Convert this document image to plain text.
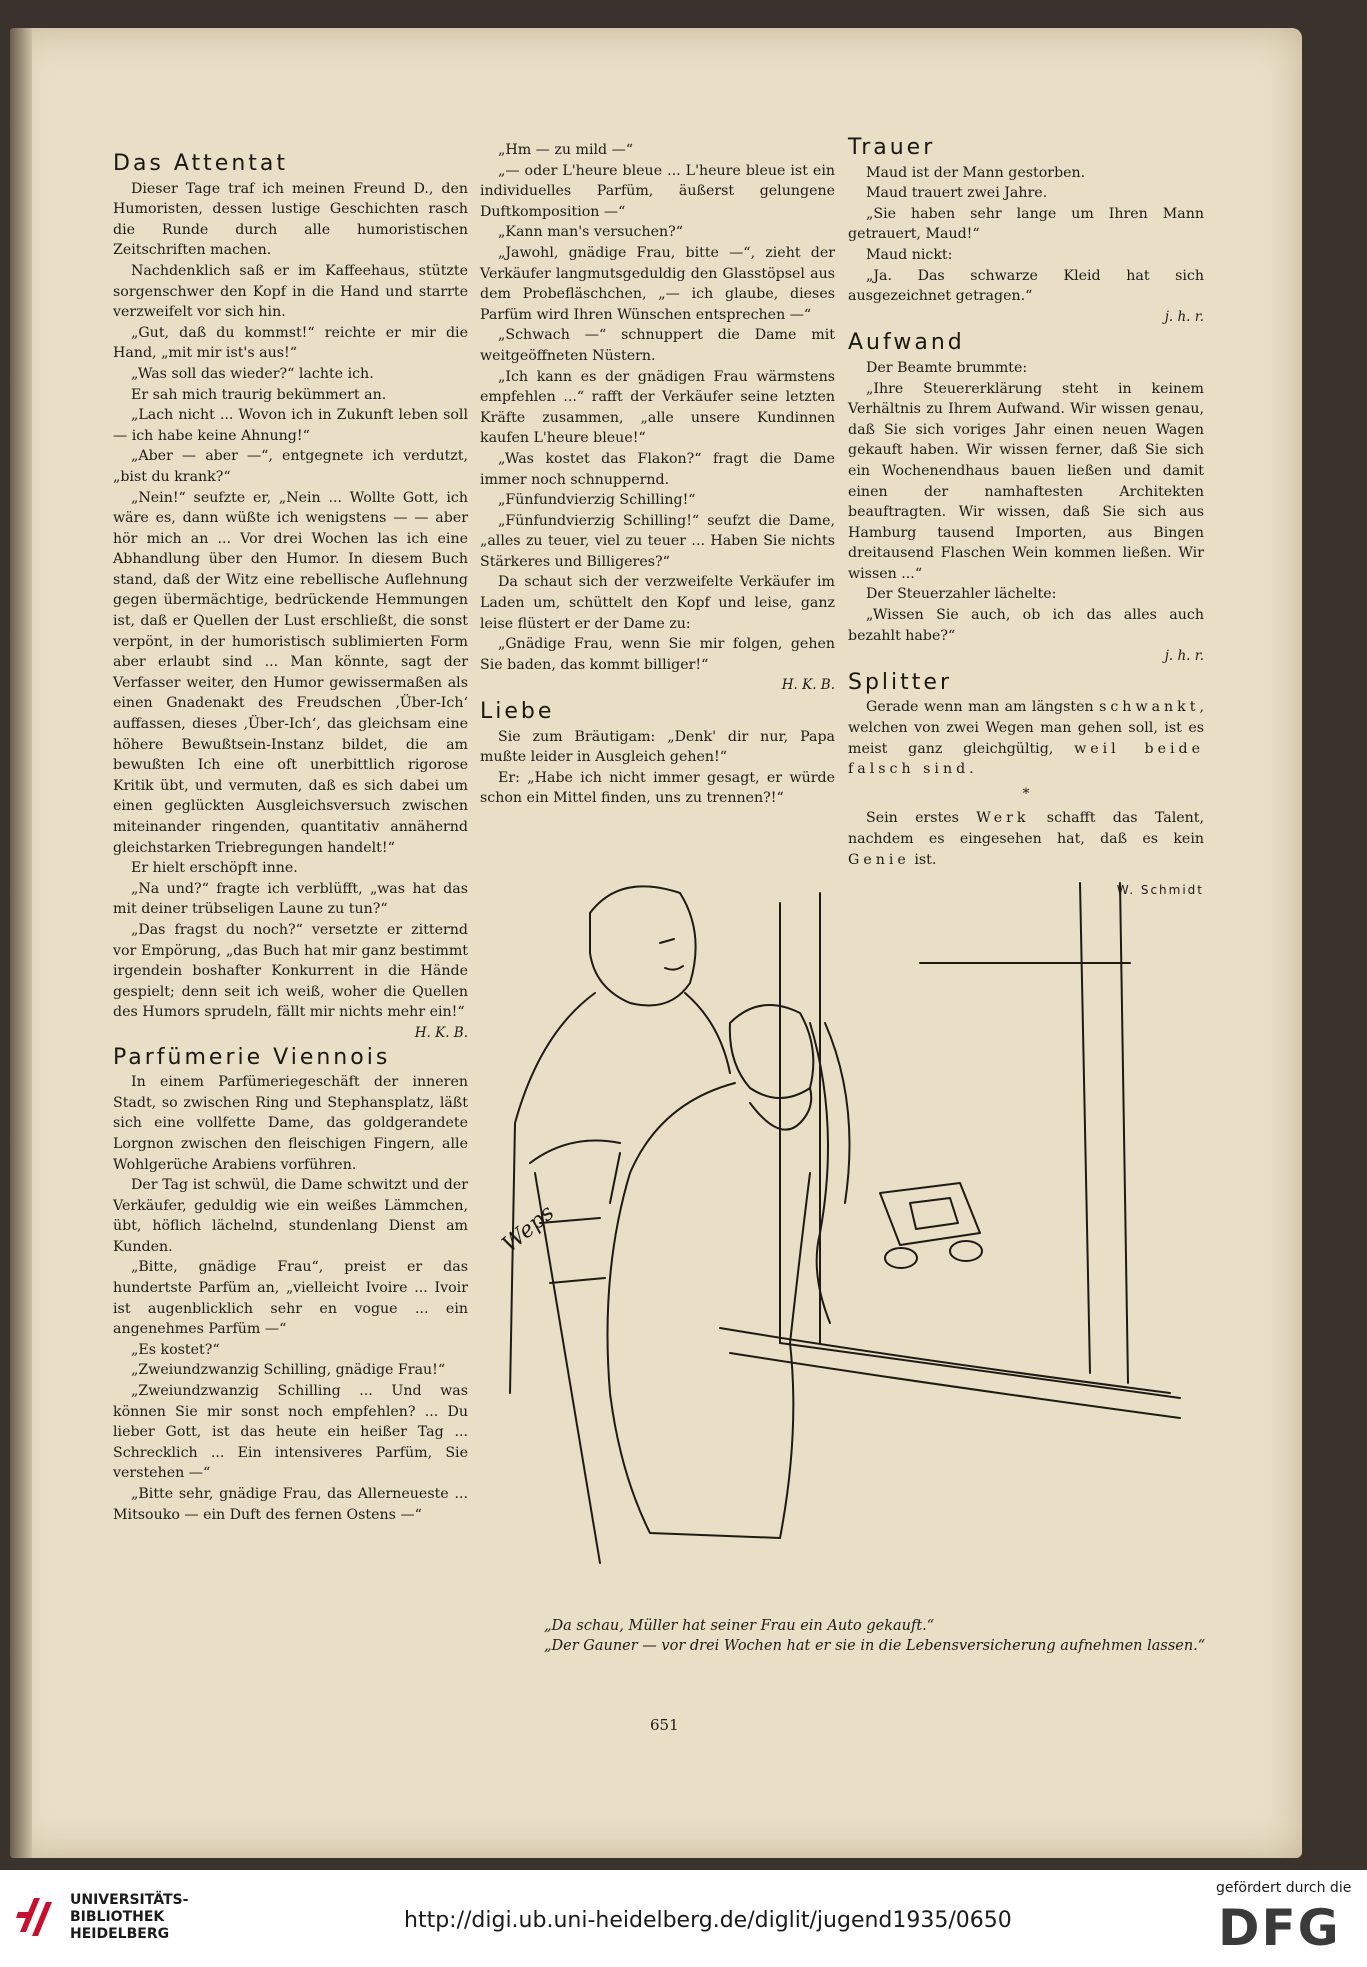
Das Attentat

Dieser Tage traf ich meinen Freund D., den Humoristen, dessen lustige Geschichten rasch die Runde durch alle humoristischen Zeitschriften machen.

Nachdenklich saß er im Kaffeehaus, stützte sorgenschwer den Kopf in die Hand und starrte verzweifelt vor sich hin.

„Gut, daß du kommst!“ reichte er mir die Hand, „mit mir ist's aus!“

„Was soll das wieder?“ lachte ich.

Er sah mich traurig bekümmert an.

„Lach nicht ... Wovon ich in Zukunft leben soll — ich habe keine Ahnung!“

„Aber — aber —“, entgegnete ich verdutzt, „bist du krank?“

„Nein!“ seufzte er, „Nein ... Wollte Gott, ich wäre es, dann wüßte ich wenigstens — — aber hör mich an ... Vor drei Wochen las ich eine Abhandlung über den Humor. In diesem Buch stand, daß der Witz eine rebellische Auflehnung gegen übermächtige, bedrückende Hemmungen ist, daß er Quellen der Lust erschließt, die sonst verpönt, in der humoristisch sublimierten Form aber erlaubt sind ... Man könnte, sagt der Verfasser weiter, den Humor gewissermaßen als einen Gnadenakt des Freudschen ‚Über-Ich‘ auffassen, dieses ‚Über-Ich‘, das gleichsam eine höhere Bewußtsein-Instanz bildet, die am bewußten Ich eine oft unerbittlich rigorose Kritik übt, und vermuten, daß es sich dabei um einen geglückten Ausgleichsversuch zwischen miteinander ringenden, quantitativ annähernd gleichstarken Triebregungen handelt!“

Er hielt erschöpft inne.

„Na und?“ fragte ich verblüfft, „was hat das mit deiner trübseligen Laune zu tun?“

„Das fragst du noch?“ versetzte er zitternd vor Empörung, „das Buch hat mir ganz bestimmt irgendein boshafter Konkurrent in die Hände gespielt; denn seit ich weiß, woher die Quellen des Humors sprudeln, fällt mir nichts mehr ein!“

H. K. B.
Parfümerie Viennois

In einem Parfümeriegeschäft der inneren Stadt, so zwischen Ring und Stephansplatz, läßt sich eine vollfette Dame, das goldgerandete Lorgnon zwischen den fleischigen Fingern, alle Wohlgerüche Arabiens vorführen.

Der Tag ist schwül, die Dame schwitzt und der Verkäufer, geduldig wie ein weißes Lämmchen, übt, höflich lächelnd, stundenlang Dienst am Kunden.

„Bitte, gnädige Frau“, preist er das hundertste Parfüm an, „vielleicht Ivoire ... Ivoir ist augenblicklich sehr en vogue ... ein angenehmes Parfüm —“

„Es kostet?“

„Zweiundzwanzig Schilling, gnädige Frau!“

„Zweiundzwanzig Schilling ... Und was können Sie mir sonst noch empfehlen? ... Du lieber Gott, ist das heute ein heißer Tag ... Schrecklich ... Ein intensiveres Parfüm, Sie verstehen —“

„Bitte sehr, gnädige Frau, das Allerneueste ... Mitsouko — ein Duft des fernen Ostens —“

„Hm — zu mild —“

„— oder L'heure bleue ... L'heure bleue ist ein individuelles Parfüm, äußerst gelungene Duftkomposition —“

„Kann man's versuchen?“

„Jawohl, gnädige Frau, bitte —“, zieht der Verkäufer langmutsgeduldig den Glasstöpsel aus dem Probefläschchen, „— ich glaube, dieses Parfüm wird Ihren Wünschen entsprechen —“

„Schwach —“ schnuppert die Dame mit weitgeöffneten Nüstern.

„Ich kann es der gnädigen Frau wärmstens empfehlen ...“ rafft der Verkäufer seine letzten Kräfte zusammen, „alle unsere Kundinnen kaufen L'heure bleue!“

„Was kostet das Flakon?“ fragt die Dame immer noch schnuppernd.

„Fünfundvierzig Schilling!“

„Fünfundvierzig Schilling!“ seufzt die Dame, „alles zu teuer, viel zu teuer ... Haben Sie nichts Stärkeres und Billigeres?“

Da schaut sich der verzweifelte Verkäufer im Laden um, schüttelt den Kopf und leise, ganz leise flüstert er der Dame zu:

„Gnädige Frau, wenn Sie mir folgen, gehen Sie baden, das kommt billiger!“

H. K. B.
Liebe

Sie zum Bräutigam: „Denk' dir nur, Papa mußte leider in Ausgleich gehen!“

Er: „Habe ich nicht immer gesagt, er würde schon ein Mittel finden, uns zu trennen?!“

Trauer

Maud ist der Mann gestorben.

Maud trauert zwei Jahre.

„Sie haben sehr lange um Ihren Mann getrauert, Maud!“

Maud nickt:

„Ja. Das schwarze Kleid hat sich ausgezeichnet getragen.“

j. h. r.
Aufwand

Der Beamte brummte:

„Ihre Steuererklärung steht in keinem Verhältnis zu Ihrem Aufwand. Wir wissen genau, daß Sie sich voriges Jahr einen neuen Wagen gekauft haben. Wir wissen ferner, daß Sie sich ein Wochenendhaus bauen ließen und damit einen der namhaftesten Architekten beauftragten. Wir wissen, daß Sie sich aus Hamburg tausend Importen, aus Bingen dreitausend Flaschen Wein kommen ließen. Wir wissen ...“

Der Steuerzahler lächelte:

„Wissen Sie auch, ob ich das alles auch bezahlt habe?“

j. h. r.
Splitter

Gerade wenn man am längsten schwankt, welchen von zwei Wegen man gehen soll, ist es meist ganz gleichgültig, weil beide falsch sind.

*

Sein erstes Werk schafft das Talent, nachdem es eingesehen hat, daß es kein Genie ist.

W. Schmidt
Weps
„Da schau, Müller hat seiner Frau ein Auto gekauft.“
„Der Gauner — vor drei Wochen hat er sie in die Lebensversicherung aufnehmen lassen.“
651
UNIVERSITÄTS-
BIBLIOTHEK
HEIDELBERG
http://digi.ub.uni-heidelberg.de/diglit/jugend1935/0650
gefördert durch die
DFG
